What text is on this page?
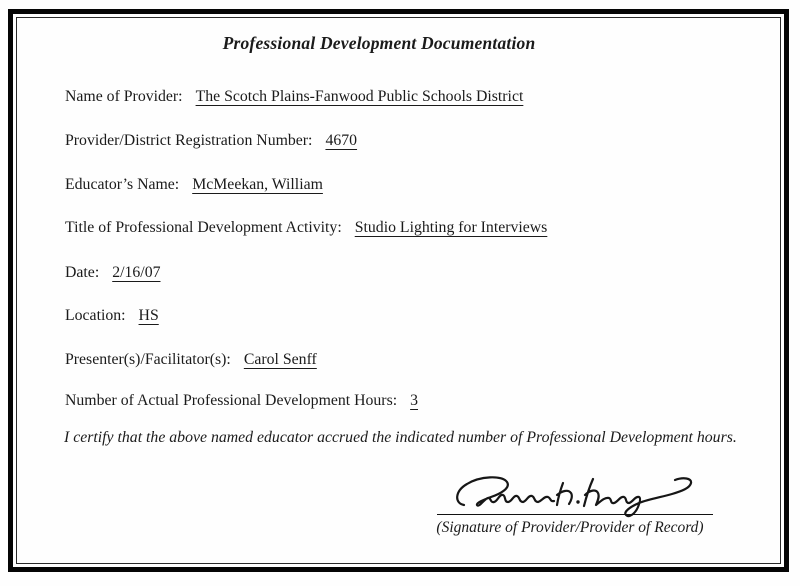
Professional Development Documentation
Name of Provider: The Scotch Plains-Fanwood Public Schools District
Provider/District Registration Number: 4670
Educator’s Name: McMeekan, William
Title of Professional Development Activity: Studio Lighting for Interviews
Date: 2/16/07
Location: HS
Presenter(s)/Facilitator(s): Carol Senff
Number of Actual Professional Development Hours: 3
I certify that the above named educator accrued the indicated number of Professional Development hours.
(Signature of Provider/Provider of Record)
